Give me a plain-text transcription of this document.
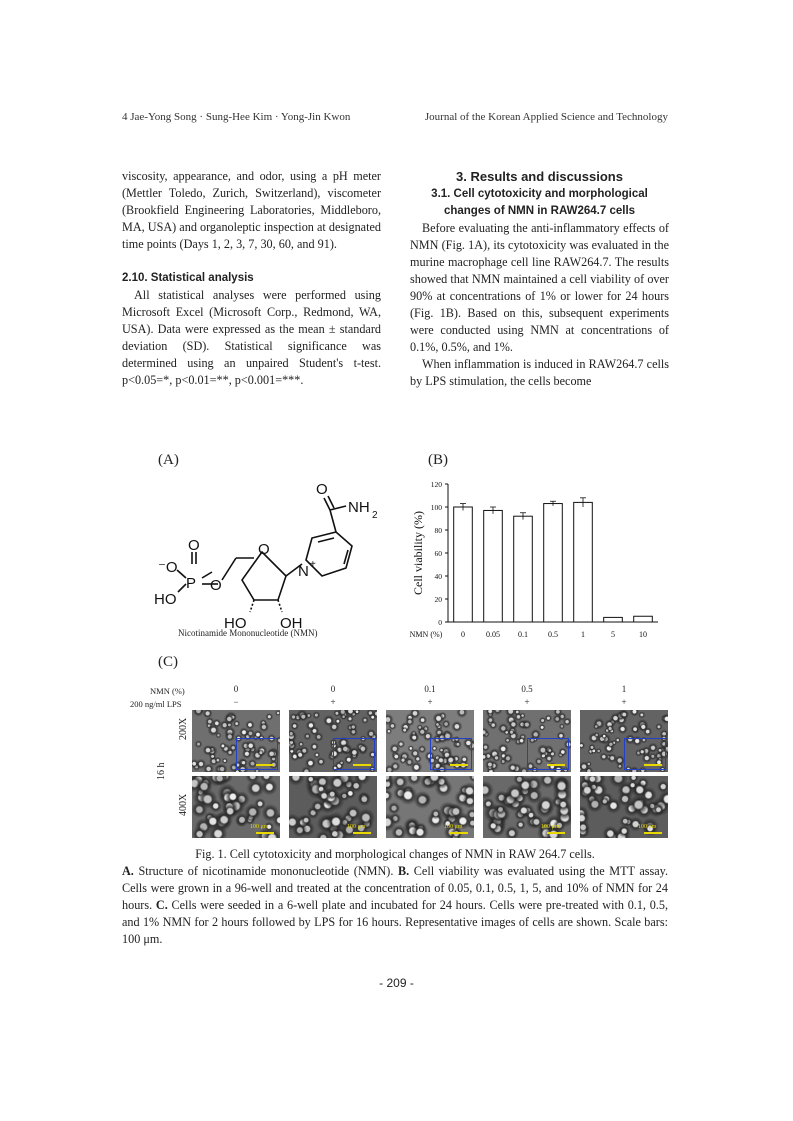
4 Jae-Yong Song · Sung-Hee Kim · Yong-Jin Kwon	Journal of the Korean Applied Science and Technology

viscosity, appearance, and odor, using a pH meter (Mettler Toledo, Zurich, Switzerland), viscometer (Brookfield Engineering Laboratories, Middleboro, MA, USA) and organoleptic inspection at designated time points (Days 1, 2, 3, 7, 30, 60, and 91).

2.10. Statistical analysis

All statistical analyses were performed using Microsoft Excel (Microsoft Corp., Redmond, WA, USA). Data were expressed as the mean ± standard deviation (SD). Statistical significance was determined using an unpaired Student's t-test. p<0.05=*, p<0.01=**, p<0.001=***.

3. Results and discussions

3.1. Cell cytotoxicity and morphological changes of NMN in RAW264.7 cells

Before evaluating the anti-inflammatory effects of NMN (Fig. 1A), its cytotoxicity was evaluated in the murine macrophage cell line RAW264.7. The results showed that NMN maintained a cell viability of over 90% at concentrations of 1% or lower for 24 hours (Fig. 1B). Based on this, subsequent experiments were conducted using NMN at concentrations of 0.1%, 0.5%, and 1%.

When inflammation is induced in RAW264.7 cells by LPS stimulation, the cells become

(A)	(B)
O
NH 2
N +
O
O
⁻O
P O
HO
HO OH
Nicotinamide Mononucleotide (NMN)
0
20
40
60
80
100
120
Cell viability (%)
NMN (%) 0	0.05 0.1	0.5	1	5	10
(C)
NMN (%)
200 ng/ml LPS
0
−
0
+
0.1
+
0.5
+
1
+
100 μm	100 μm	100 μm	100 μm	100 μm
16 h
200X
400X
Fig. 1. Cell cytotoxicity and morphological changes of NMN in RAW 264.7 cells.
A. Structure of nicotinamide mononucleotide (NMN). B. Cell viability was evaluated using the MTT assay. Cells were grown in a 96-well and treated at the concentration of 0.05, 0.1, 0.5, 1, 5, and 10% of NMN for 24 hours. C. Cells were seeded in a 6-well plate and incubated for 24 hours. Cells were pre-treated with 0.1, 0.5, and 1% NMN for 2 hours followed by LPS for 16 hours. Representative images of cells are shown. Scale bars: 100 μm.
- 209 -
